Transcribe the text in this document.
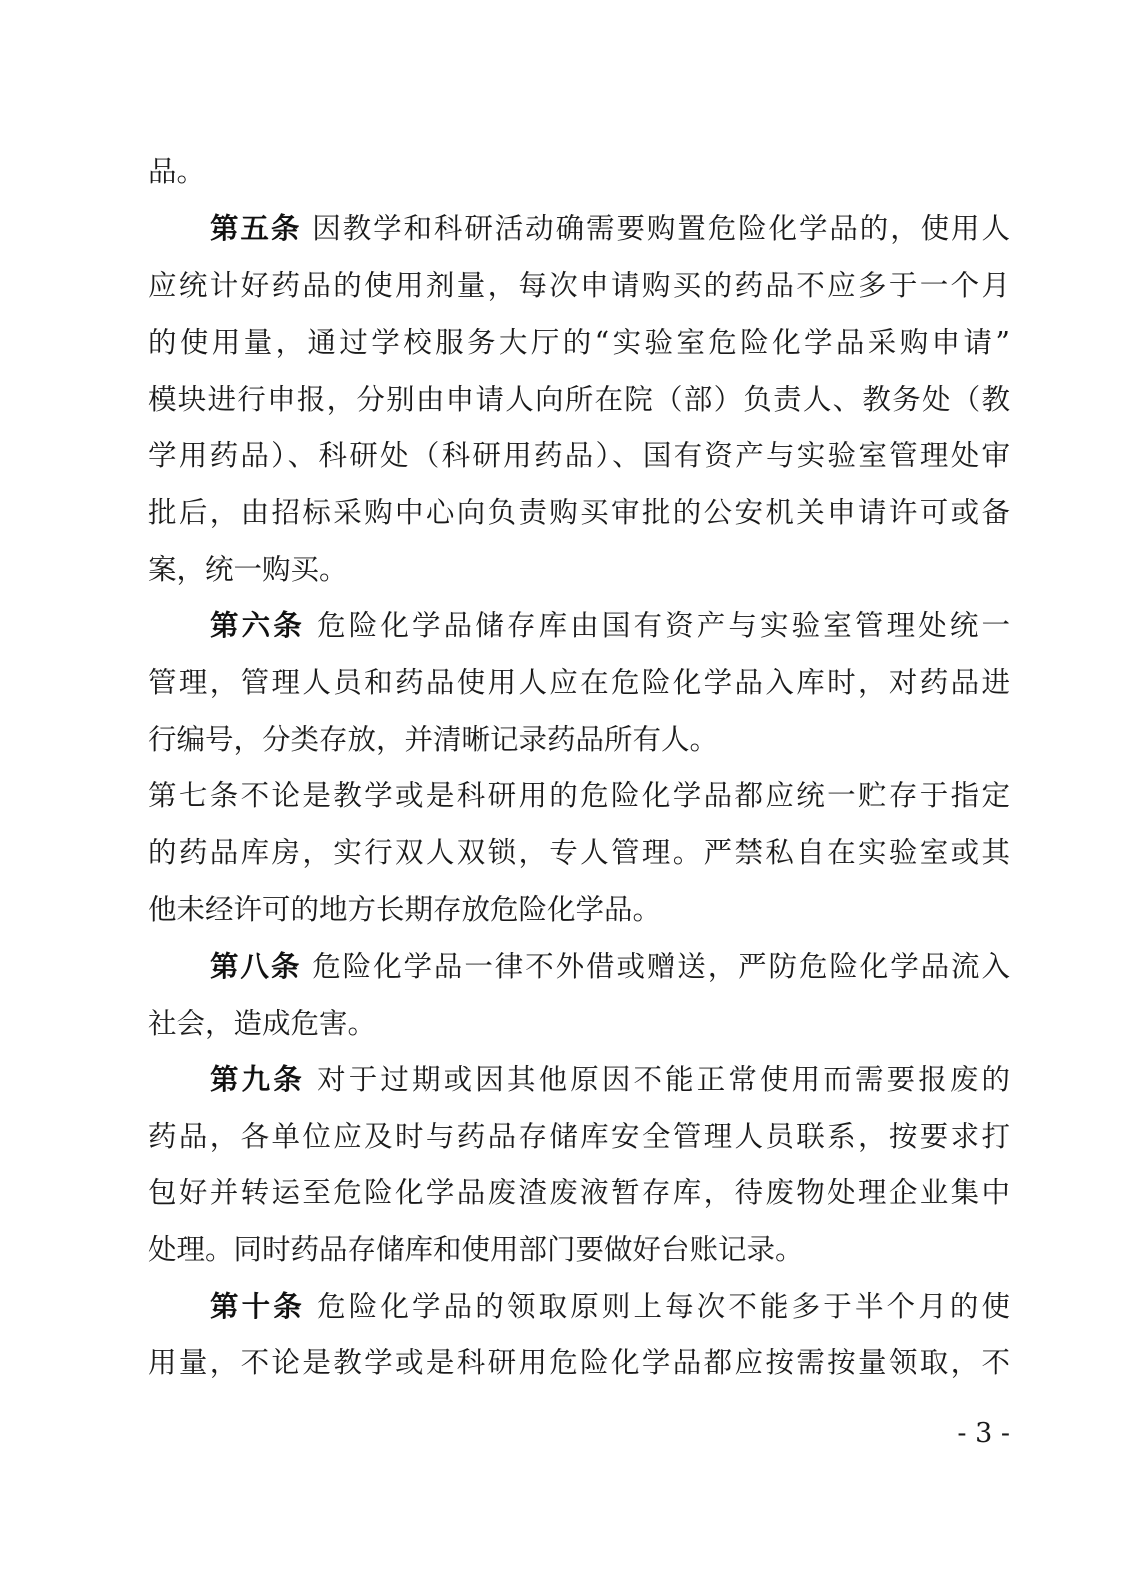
品。
第五条 因教学和科研活动确需要购置危险化学品的，使用人
应统计好药品的使用剂量，每次申请购买的药品不应多于一个月
的使用量，通过学校服务大厅的“实验室危险化学品采购申请”
模块进行申报，分别由申请人向所在院（部）负责人、教务处（教
学用药品）、科研处（科研用药品）、国有资产与实验室管理处审
批后，由招标采购中心向负责购买审批的公安机关申请许可或备
案，统一购买。
第六条 危险化学品储存库由国有资产与实验室管理处统一
管理，管理人员和药品使用人应在危险化学品入库时，对药品进
行编号，分类存放，并清晰记录药品所有人。
第七条不论是教学或是科研用的危险化学品都应统一贮存于指定
的药品库房，实行双人双锁，专人管理。严禁私自在实验室或其
他未经许可的地方长期存放危险化学品。
第八条 危险化学品一律不外借或赠送，严防危险化学品流入
社会，造成危害。
第九条 对于过期或因其他原因不能正常使用而需要报废的
药品，各单位应及时与药品存储库安全管理人员联系，按要求打
包好并转运至危险化学品废渣废液暂存库，待废物处理企业集中
处理。同时药品存储库和使用部门要做好台账记录。
第十条 危险化学品的领取原则上每次不能多于半个月的使
用量，不论是教学或是科研用危险化学品都应按需按量领取，不
- 3 -
